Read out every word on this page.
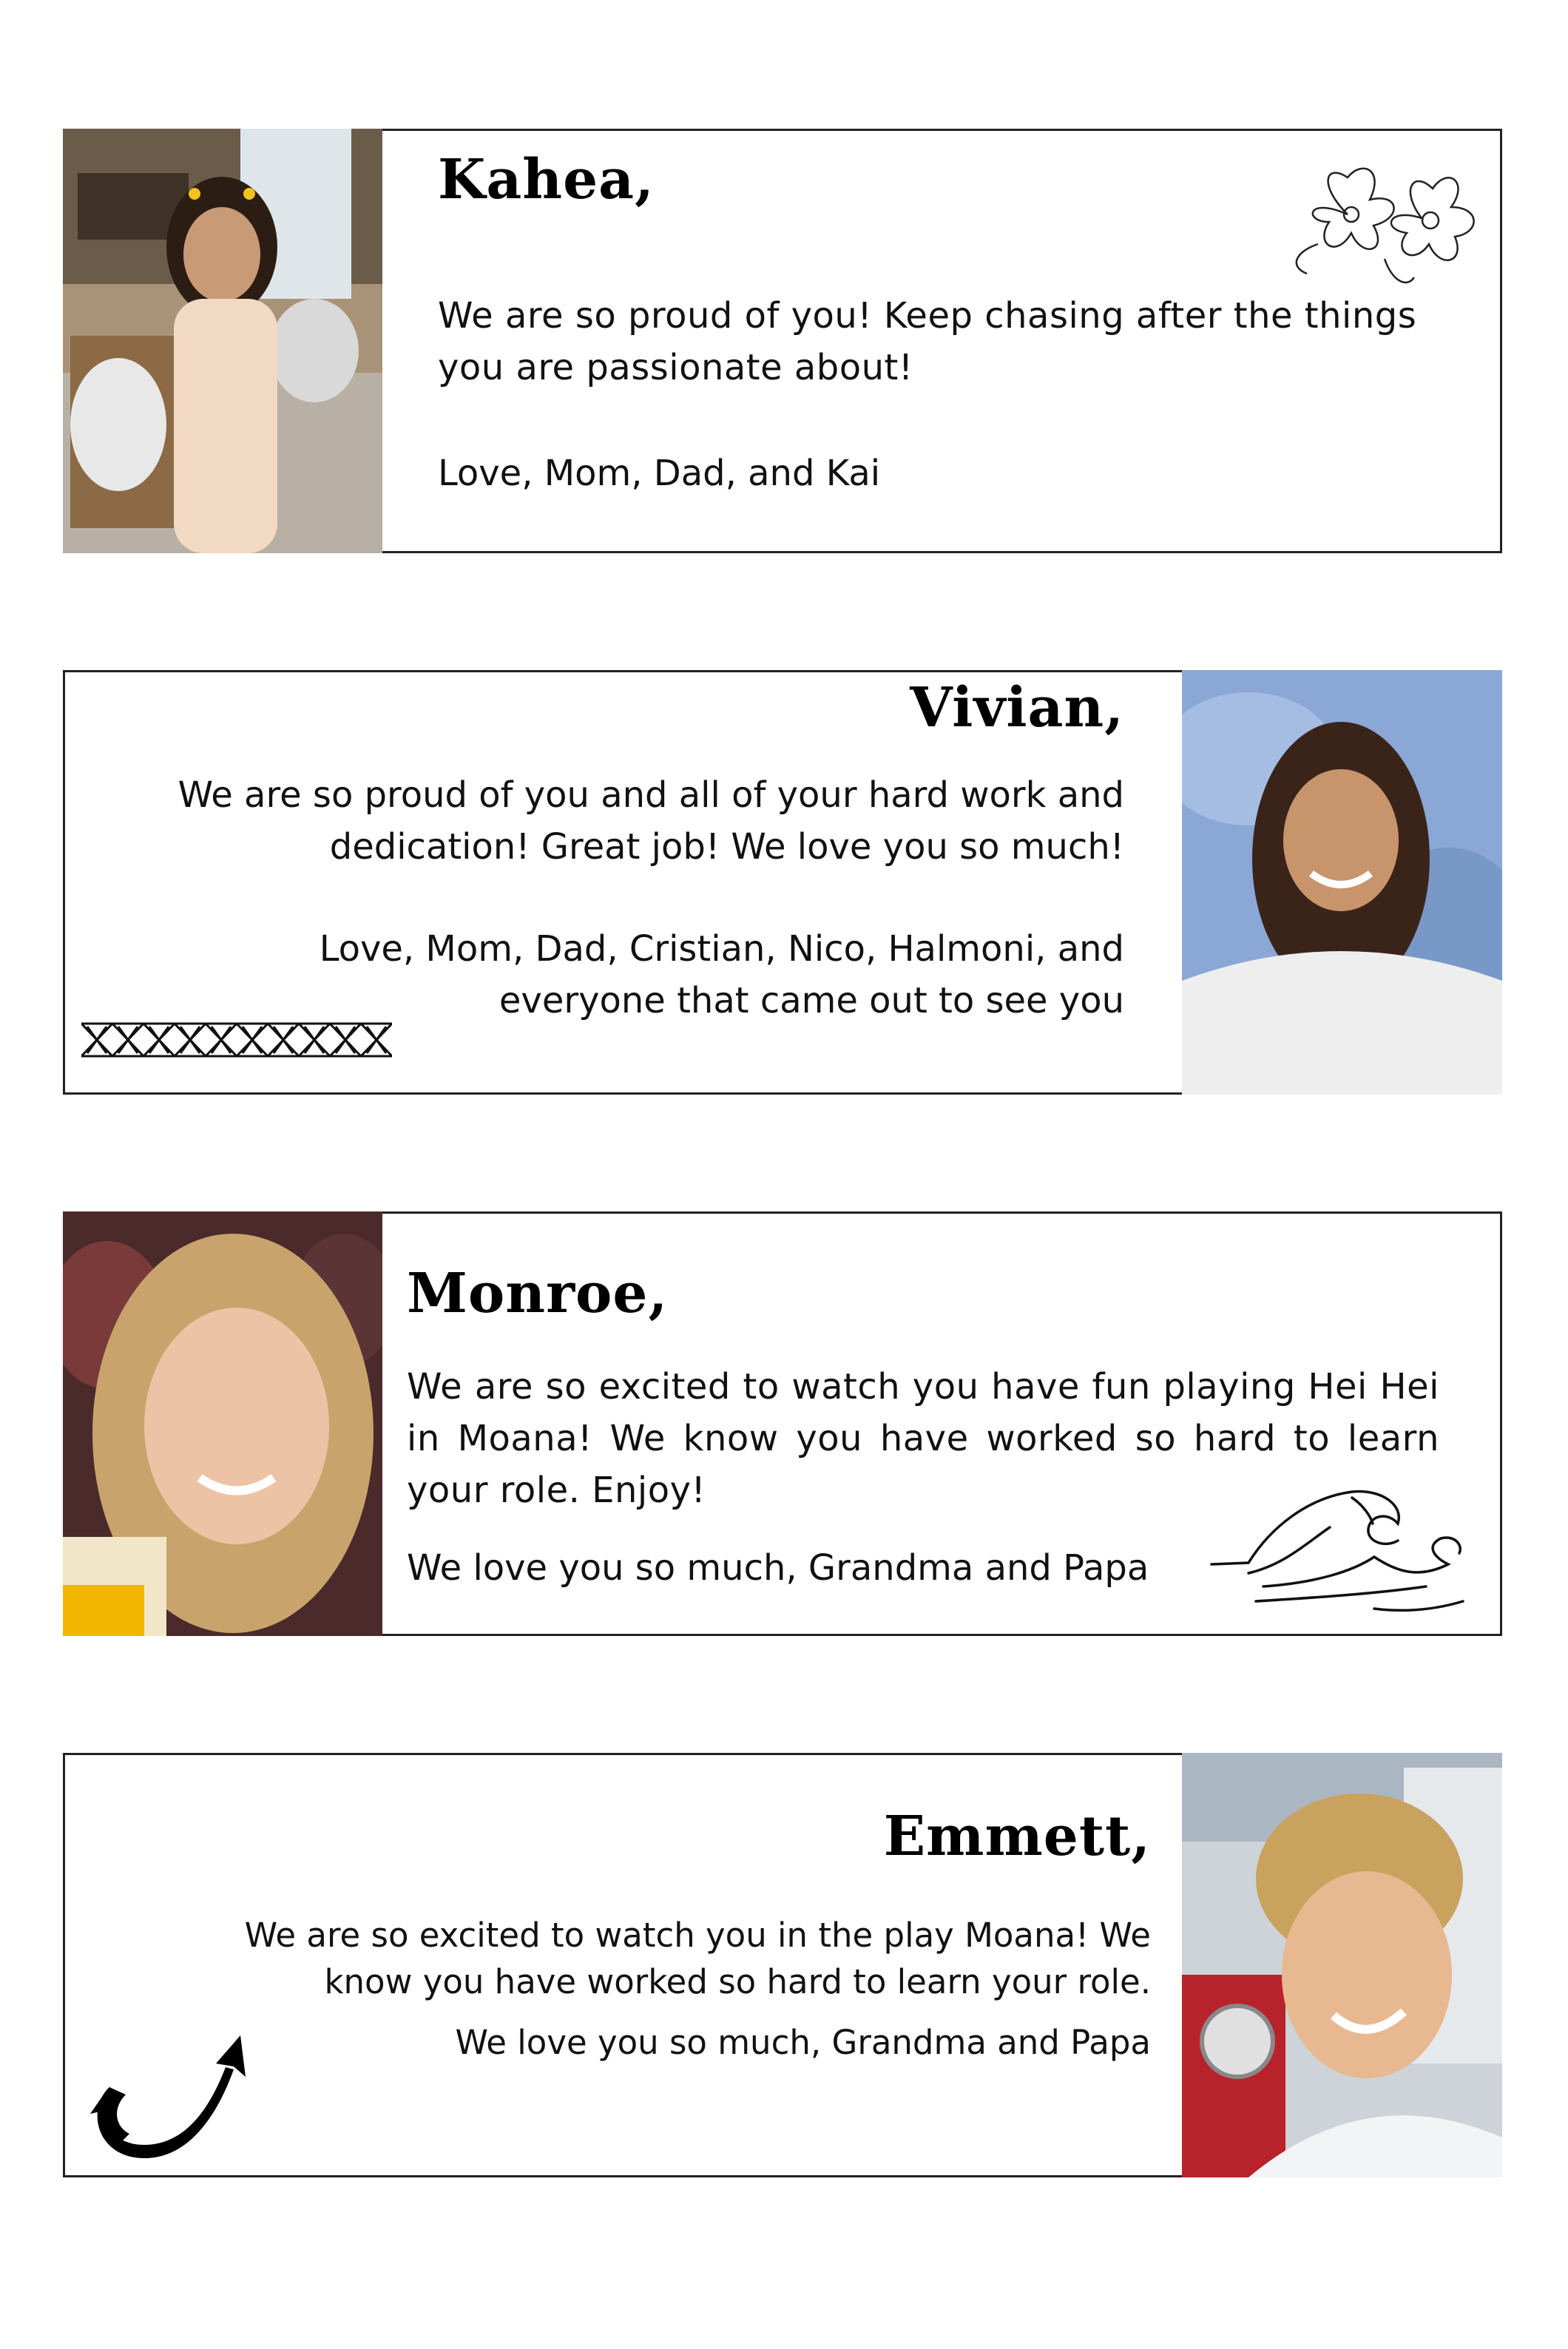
Kahea,

We are so proud of you! Keep chasing after the things you are passionate about!

Love, Mom, Dad, and Kai

Vivian,

We are so proud of you and all of your hard work and dedication! Great job! We love you so much!

Love, Mom, Dad, Cristian, Nico, Halmoni, and everyone that came out to see you

Monroe,

We are so excited to watch you have fun playing Hei Hei in Moana! We know you have worked so hard to learn your role. Enjoy!

We love you so much, Grandma and Papa

Emmett,

We are so excited to watch you in the play Moana! We know you have worked so hard to learn your role.

We love you so much, Grandma and Papa
